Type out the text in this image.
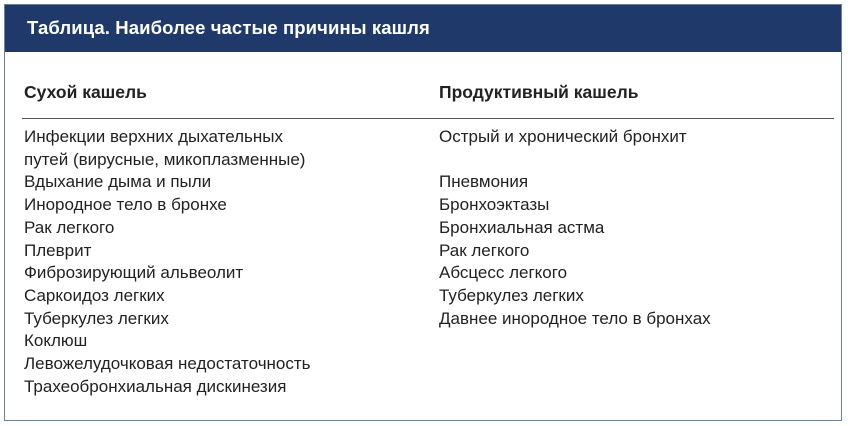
Таблица. Наиболее частые причины кашля
Сухой кашель	Продуктивный кашель
Инфекции верхних дыхательных
путей (вирусные, микоплазменные)
Вдыхание дыма и пыли
Инородное тело в бронхе
Рак легкого
Плеврит
Фиброзирующий альвеолит
Саркоидоз легких
Туберкулез легких
Коклюш
Левожелудочковая недостаточность
Трахеобронхиальная дискинезия
Острый и хронический бронхит
Пневмония
Бронхоэктазы
Бронхиальная астма
Рак легкого
Абсцесс легкого
Туберкулез легких
Давнее инородное тело в бронхах
